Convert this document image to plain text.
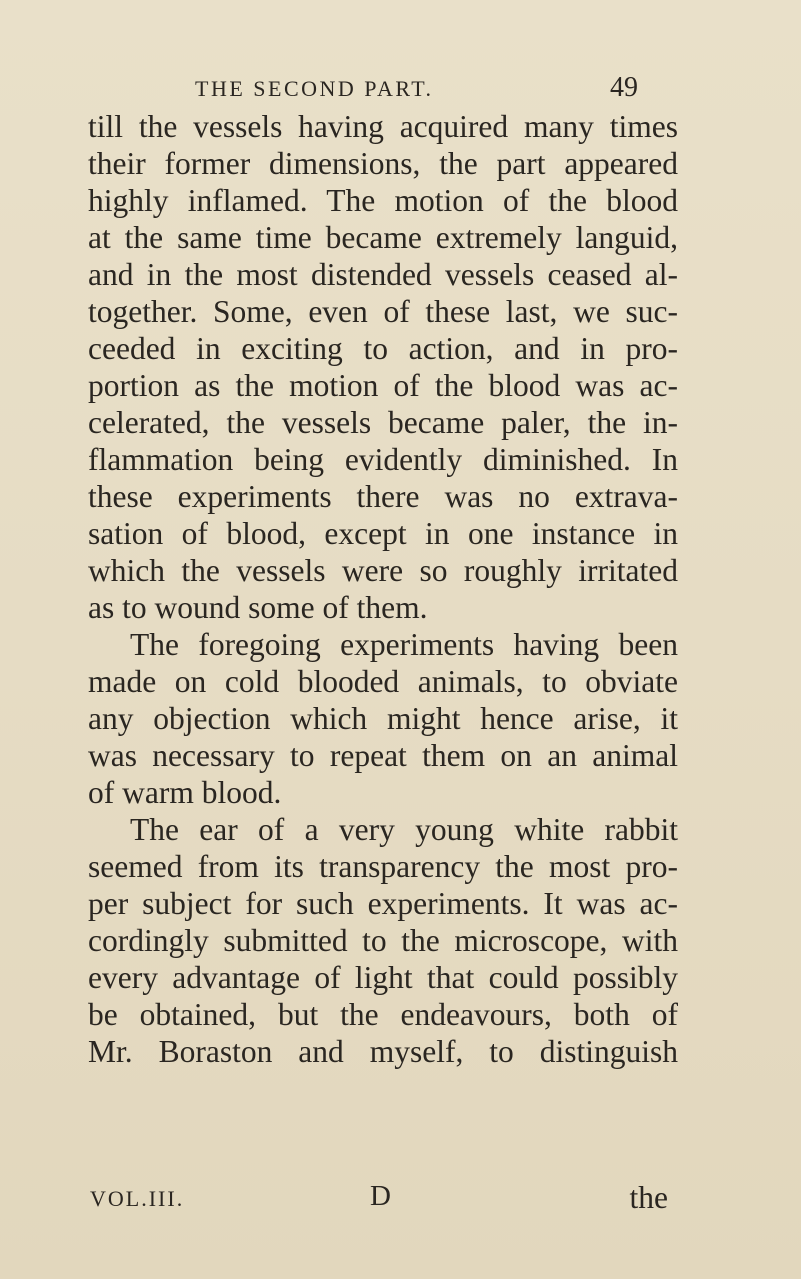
THE SECOND PART.	49
till the vessels having acquired many times
their former dimensions, the part appeared
highly inflamed. The motion of the blood
at the same time became extremely languid,
and in the most distended vessels ceased al-
together. Some, even of these last, we suc-
ceeded in exciting to action, and in pro-
portion as the motion of the blood was ac-
celerated, the vessels became paler, the in-
flammation being evidently diminished. In
these experiments there was no extrava-
sation of blood, except in one instance in
which the vessels were so roughly irritated
as to wound some of them.
The foregoing experiments having been
made on cold blooded animals, to obviate
any objection which might hence arise, it
was necessary to repeat them on an animal
of warm blood.
The ear of a very young white rabbit
seemed from its transparency the most pro-
per subject for such experiments. It was ac-
cordingly submitted to the microscope, with
every advantage of light that could possibly
be obtained, but the endeavours, both of
Mr. Boraston and myself, to distinguish
VOL.III.	D	the
